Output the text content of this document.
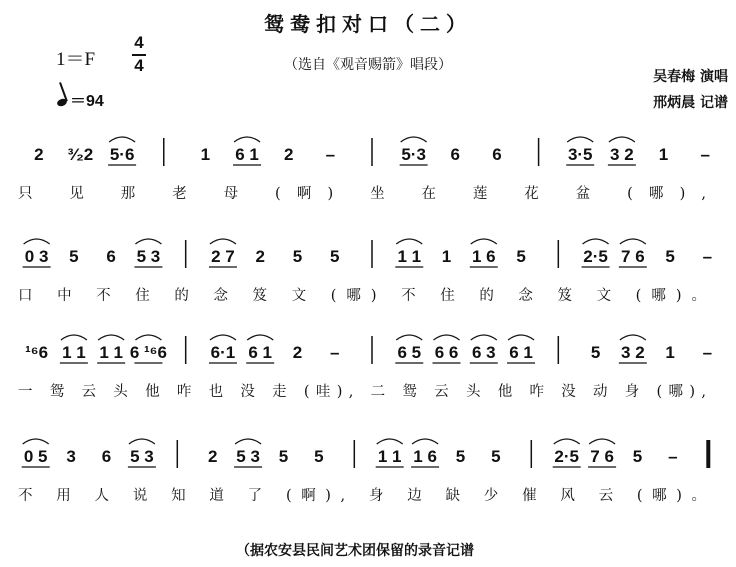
鸳鸯扣对口（二）
（选自《观音赐箭》唱段）
1＝F
4
4
＝94
吴春梅 演唱
邢炳晨 记谱
2 ³⁄₂2 5·6	1 6 1 2 –	5·3 6 6	3·5 3 2 1 –
只 见 那 老 母 (啊) 坐 在 莲 花 盆 (哪),
0 3 5 6 5 3	2 7 2 5 5	1 1 1 1 6 5	2·5 7 6 5 –
口 中 不 住 的 念 笈 文 (哪) 不 住 的 念 笈 文 (哪)。
¹⁶6 1 1 1 1 6 ¹⁶6	6·1 6 1 2 –	6 5 6 6 6 3 6 1	5 3 2 1 –
一 鸳 云 头 他 咋 也 没 走 (哇), 二 鸳 云 头 他 咋 没 动 身 (哪),
0 5 3 6 5 3	2 5 3 5 5	1 1 1 6 5 5	2·5 7 6 5 –
不 用 人 说 知 道 了 (啊), 身 边 缺 少 催 风 云 (哪)。
（据农安县民间艺术团保留的录音记谱
